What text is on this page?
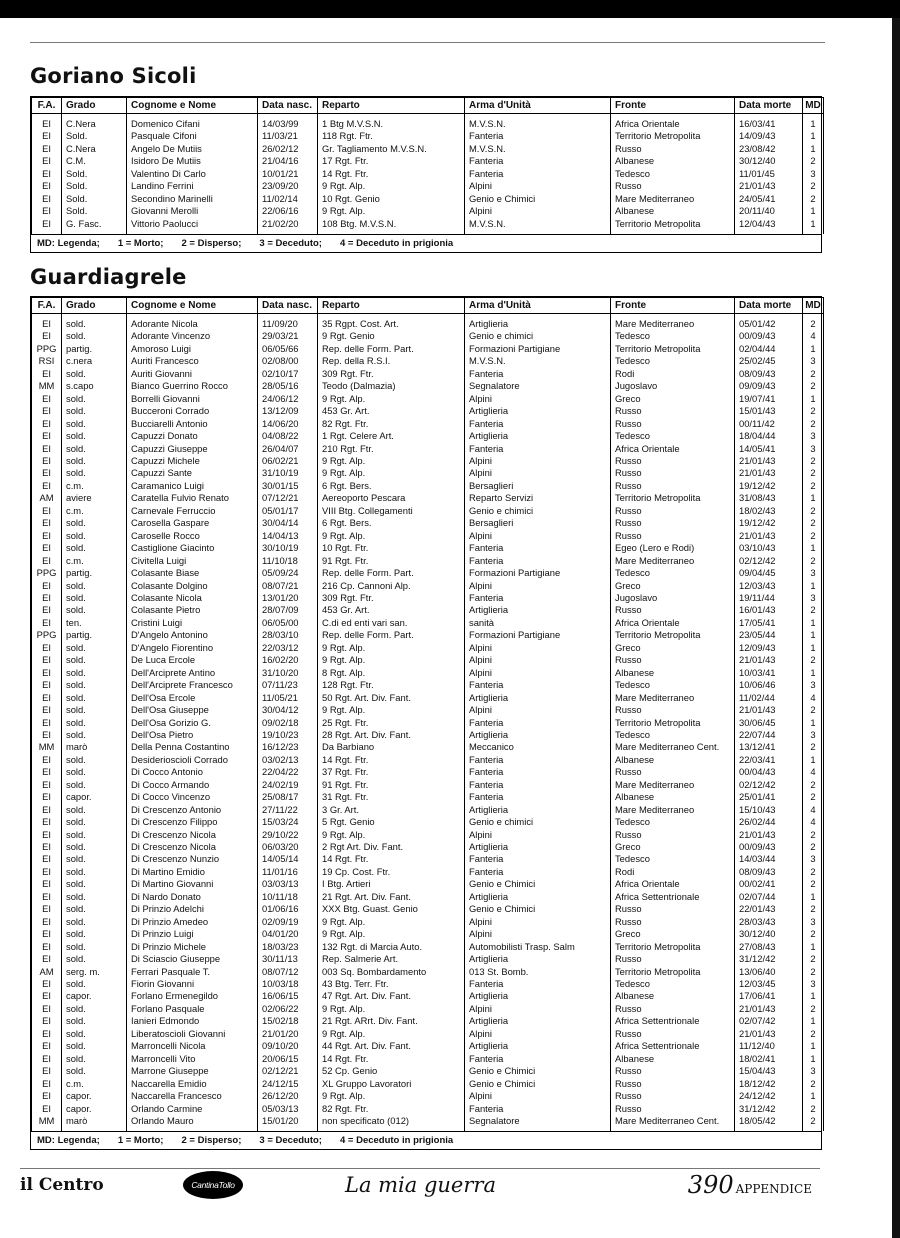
Goriano Sicoli
F.A.	Grado	Cognome e Nome	Data nasc.	Reparto	Arma d'Unità	Fronte	Data morte	MD

EI	C.Nera	Domenico Cifani	14/03/99	1 Btg M.V.S.N.	M.V.S.N.	Africa Orientale	16/03/41	1
EI	Sold.	Pasquale Cifoni	11/03/21	118 Rgt. Ftr.	Fanteria	Territorio Metropolita	14/09/43	1
EI	C.Nera	Angelo De Mutiis	26/02/12	Gr. Tagliamento M.V.S.N.	M.V.S.N.	Russo	23/08/42	1
EI	C.M.	Isidoro De Mutiis	21/04/16	17 Rgt. Ftr.	Fanteria	Albanese	30/12/40	2
EI	Sold.	Valentino Di Carlo	10/01/21	14 Rgt. Ftr.	Fanteria	Tedesco	11/01/45	3
EI	Sold.	Landino Ferrini	23/09/20	9 Rgt. Alp.	Alpini	Russo	21/01/43	2
EI	Sold.	Secondino Marinelli	11/02/14	10 Rgt. Genio	Genio e Chimici	Mare Mediterraneo	24/05/41	2
EI	Sold.	Giovanni Merolli	22/06/16	9 Rgt. Alp.	Alpini	Albanese	20/11/40	1
EI	G. Fasc.	Vittorio Paolucci	21/02/20	108 Btg. M.V.S.N.	M.V.S.N.	Territorio Metropolita	12/04/43	1

MD: Legenda; 1 = Morto; 2 = Disperso; 3 = Deceduto; 4 = Deceduto in prigionia
Guardiagrele
F.A.	Grado	Cognome e Nome	Data nasc.	Reparto	Arma d'Unità	Fronte	Data morte	MD

EI	sold.	Adorante Nicola	11/09/20	35 Rgpt. Cost. Art.	Artiglieria	Mare Mediterraneo	05/01/42	2
EI	sold.	Adorante Vincenzo	29/03/21	9 Rgt. Genio	Genio e chimici	Tedesco	00/09/43	4
PPG	partig.	Amoroso Luigi	06/05/66	Rep. delle Form. Part.	Formazioni Partigiane	Territorio Metropolita	02/04/44	1
RSI	c.nera	Auriti Francesco	02/08/00	Rep. della R.S.I.	M.V.S.N.	Tedesco	25/02/45	3
EI	sold.	Auriti Giovanni	02/10/17	309 Rgt. Ftr.	Fanteria	Rodi	08/09/43	2
MM	s.capo	Bianco Guerrino Rocco	28/05/16	Teodo (Dalmazia)	Segnalatore	Jugoslavo	09/09/43	2
EI	sold.	Borrelli Giovanni	24/06/12	9 Rgt. Alp.	Alpini	Greco	19/07/41	1
EI	sold.	Bucceroni Corrado	13/12/09	453 Gr. Art.	Artiglieria	Russo	15/01/43	2
EI	sold.	Bucciarelli Antonio	14/06/20	82 Rgt. Ftr.	Fanteria	Russo	00/11/42	2
EI	sold.	Capuzzi Donato	04/08/22	1 Rgt. Celere Art.	Artiglieria	Tedesco	18/04/44	3
EI	sold.	Capuzzi Giuseppe	26/04/07	210 Rgt. Ftr.	Fanteria	Africa Orientale	14/05/41	3
EI	sold.	Capuzzi Michele	06/02/21	9 Rgt. Alp.	Alpini	Russo	21/01/43	2
EI	sold.	Capuzzi Sante	31/10/19	9 Rgt. Alp.	Alpini	Russo	21/01/43	2
EI	c.m.	Caramanico Luigi	30/01/15	6 Rgt. Bers.	Bersaglieri	Russo	19/12/42	2
AM	aviere	Caratella Fulvio Renato	07/12/21	Aereoporto Pescara	Reparto Servizi	Territorio Metropolita	31/08/43	1
EI	c.m.	Carnevale Ferruccio	05/01/17	VIII Btg. Collegamenti	Genio e chimici	Russo	18/02/43	2
EI	sold.	Carosella Gaspare	30/04/14	6 Rgt. Bers.	Bersaglieri	Russo	19/12/42	2
EI	sold.	Caroselle Rocco	14/04/13	9 Rgt. Alp.	Alpini	Russo	21/01/43	2
EI	sold.	Castiglione Giacinto	30/10/19	10 Rgt. Ftr.	Fanteria	Egeo (Lero e Rodi)	03/10/43	1
EI	c.m.	Civitella Luigi	11/10/18	91 Rgt. Ftr.	Fanteria	Mare Mediterraneo	02/12/42	2
PPG	partig.	Colasante Biase	05/09/24	Rep. delle Form. Part.	Formazioni Partigiane	Tedesco	09/04/45	3
EI	sold.	Colasante Dolgino	08/07/21	216 Cp. Cannoni Alp.	Alpini	Greco	12/03/43	1
EI	sold.	Colasante Nicola	13/01/20	309 Rgt. Ftr.	Fanteria	Jugoslavo	19/11/44	3
EI	sold.	Colasante Pietro	28/07/09	453 Gr. Art.	Artiglieria	Russo	16/01/43	2
EI	ten.	Cristini Luigi	06/05/00	C.di ed enti vari san.	sanità	Africa Orientale	17/05/41	1
PPG	partig.	D'Angelo Antonino	28/03/10	Rep. delle Form. Part.	Formazioni Partigiane	Territorio Metropolita	23/05/44	1
EI	sold.	D'Angelo Fiorentino	22/03/12	9 Rgt. Alp.	Alpini	Greco	12/09/43	1
EI	sold.	De Luca Ercole	16/02/20	9 Rgt. Alp.	Alpini	Russo	21/01/43	2
EI	sold.	Dell'Arciprete Antino	31/10/20	8 Rgt. Alp.	Alpini	Albanese	10/03/41	1
EI	sold.	Dell'Arciprete Francesco	07/11/23	128 Rgt. Ftr.	Fanteria	Tedesco	10/06/46	3
EI	sold.	Dell'Osa Ercole	11/05/21	50 Rgt. Art. Div. Fant.	Artiglieria	Mare Mediterraneo	11/02/44	4
EI	sold.	Dell'Osa Giuseppe	30/04/12	9 Rgt. Alp.	Alpini	Russo	21/01/43	2
EI	sold.	Dell'Osa Gorizio G.	09/02/18	25 Rgt. Ftr.	Fanteria	Territorio Metropolita	30/06/45	1
EI	sold.	Dell'Osa Pietro	19/10/23	28 Rgt. Art. Div. Fant.	Artiglieria	Tedesco	22/07/44	3
MM	marò	Della Penna Costantino	16/12/23	Da Barbiano	Meccanico	Mare Mediterraneo Cent.	13/12/41	2
EI	sold.	Desiderioscioli Corrado	03/02/13	14 Rgt. Ftr.	Fanteria	Albanese	22/03/41	1
EI	sold.	Di Cocco Antonio	22/04/22	37 Rgt. Ftr.	Fanteria	Russo	00/04/43	4
EI	sold.	Di Cocco Armando	24/02/19	91 Rgt. Ftr.	Fanteria	Mare Mediterraneo	02/12/42	2
EI	capor.	Di Cocco Vincenzo	25/08/17	31 Rgt. Ftr.	Fanteria	Albanese	25/01/41	2
EI	sold.	Di Crescenzo Antonio	27/11/22	3 Gr. Art.	Artiglieria	Mare Mediterraneo	15/10/43	4
EI	sold.	Di Crescenzo Filippo	15/03/24	5 Rgt. Genio	Genio e chimici	Tedesco	26/02/44	4
EI	sold.	Di Crescenzo Nicola	29/10/22	9 Rgt. Alp.	Alpini	Russo	21/01/43	2
EI	sold.	Di Crescenzo Nicola	06/03/20	2 Rgt Art. Div. Fant.	Artiglieria	Greco	00/09/43	2
EI	sold.	Di Crescenzo Nunzio	14/05/14	14 Rgt. Ftr.	Fanteria	Tedesco	14/03/44	3
EI	sold.	Di Martino Emidio	11/01/16	19 Cp. Cost. Ftr.	Fanteria	Rodi	08/09/43	2
EI	sold.	Di Martino Giovanni	03/03/13	I Btg. Artieri	Genio e Chimici	Africa Orientale	00/02/41	2
EI	sold.	Di Nardo Donato	10/11/18	21 Rgt. Art. Div. Fant.	Artiglieria	Africa Settentrionale	02/07/44	1
EI	sold.	Di Prinzio Adelchi	01/06/16	XXX Btg. Guast. Genio	Genio e Chimici	Russo	22/01/43	2
EI	sold.	Di Prinzio Amedeo	02/09/19	9 Rgt. Alp.	Alpini	Russo	28/03/43	3
EI	sold.	Di Prinzio Luigi	04/01/20	9 Rgt. Alp.	Alpini	Greco	30/12/40	2
EI	sold.	Di Prinzio Michele	18/03/23	132 Rgt. di Marcia Auto.	Automobilisti Trasp. Salm	Territorio Metropolita	27/08/43	1
EI	sold.	Di Sciascio Giuseppe	30/11/13	Rep. Salmerie Art.	Artiglieria	Russo	31/12/42	2
AM	serg. m.	Ferrari Pasquale T.	08/07/12	003 Sq. Bombardamento	013 St. Bomb.	Territorio Metropolita	13/06/40	2
EI	sold.	Fiorin Giovanni	10/03/18	43 Btg. Terr. Ftr.	Fanteria	Tedesco	12/03/45	3
EI	capor.	Forlano Ermenegildo	16/06/15	47 Rgt. Art. Div. Fant.	Artiglieria	Albanese	17/06/41	1
EI	sold.	Forlano Pasquale	02/06/22	9 Rgt. Alp.	Alpini	Russo	21/01/43	2
EI	sold.	Ianieri Edmondo	15/02/18	21 Rgt. ARrt. Div. Fant.	Artiglieria	Africa Settentrionale	02/07/42	1
EI	sold.	Liberatoscioli Giovanni	21/01/20	9 Rgt. Alp.	Alpini	Russo	21/01/43	2
EI	sold.	Marroncelli Nicola	09/10/20	44 Rgt. Art. Div. Fant.	Artiglieria	Africa Settentrionale	11/12/40	1
EI	sold.	Marroncelli Vito	20/06/15	14 Rgt. Ftr.	Fanteria	Albanese	18/02/41	1
EI	sold.	Marrone Giuseppe	02/12/21	52 Cp. Genio	Genio e Chimici	Russo	15/04/43	3
EI	c.m.	Naccarella Emidio	24/12/15	XL Gruppo Lavoratori	Genio e Chimici	Russo	18/12/42	2
EI	capor.	Naccarella Francesco	26/12/20	9 Rgt. Alp.	Alpini	Russo	24/12/42	1
EI	capor.	Orlando Carmine	05/03/13	82 Rgt. Ftr.	Fanteria	Russo	31/12/42	2
MM	marò	Orlando Mauro	15/01/20	non specificato (012)	Segnalatore	Mare Mediterraneo Cent.	18/05/42	2

MD: Legenda; 1 = Morto; 2 = Disperso; 3 = Deceduto; 4 = Deceduto in prigionia
il Centro	CantinaTollo	La mia guerra	390 APPENDICE
